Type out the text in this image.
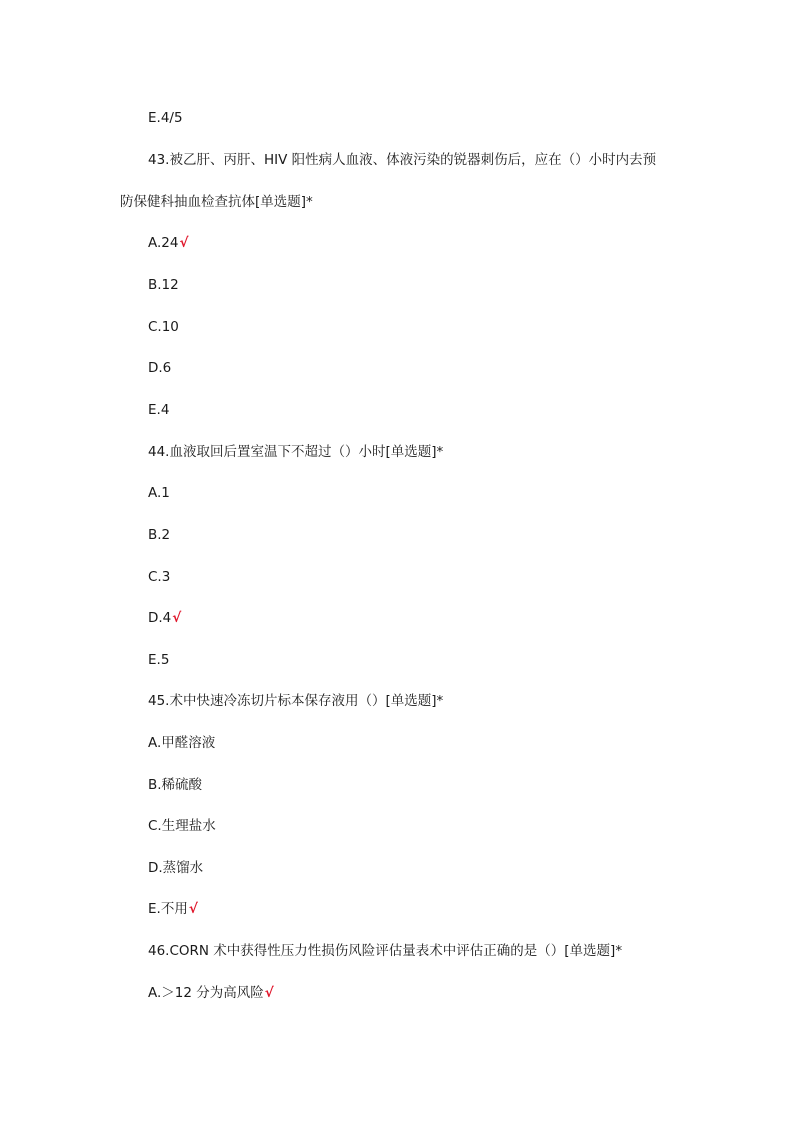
E.4/5
43.被乙肝、丙肝、HIV 阳性病人血液、体液污染的锐器刺伤后，应在（）小时内去预
防保健科抽血检查抗体[单选题]*
A.24√
B.12
C.10
D.6
E.4
44.血液取回后置室温下不超过（）小时[单选题]*
A.1
B.2
C.3
D.4√
E.5
45.术中快速冷冻切片标本保存液用（）[单选题]*
A.甲醛溶液
B.稀硫酸
C.生理盐水
D.蒸馏水
E.不用√
46.CORN 术中获得性压力性损伤风险评估量表术中评估正确的是（）[单选题]*
A.＞12 分为高风险√
